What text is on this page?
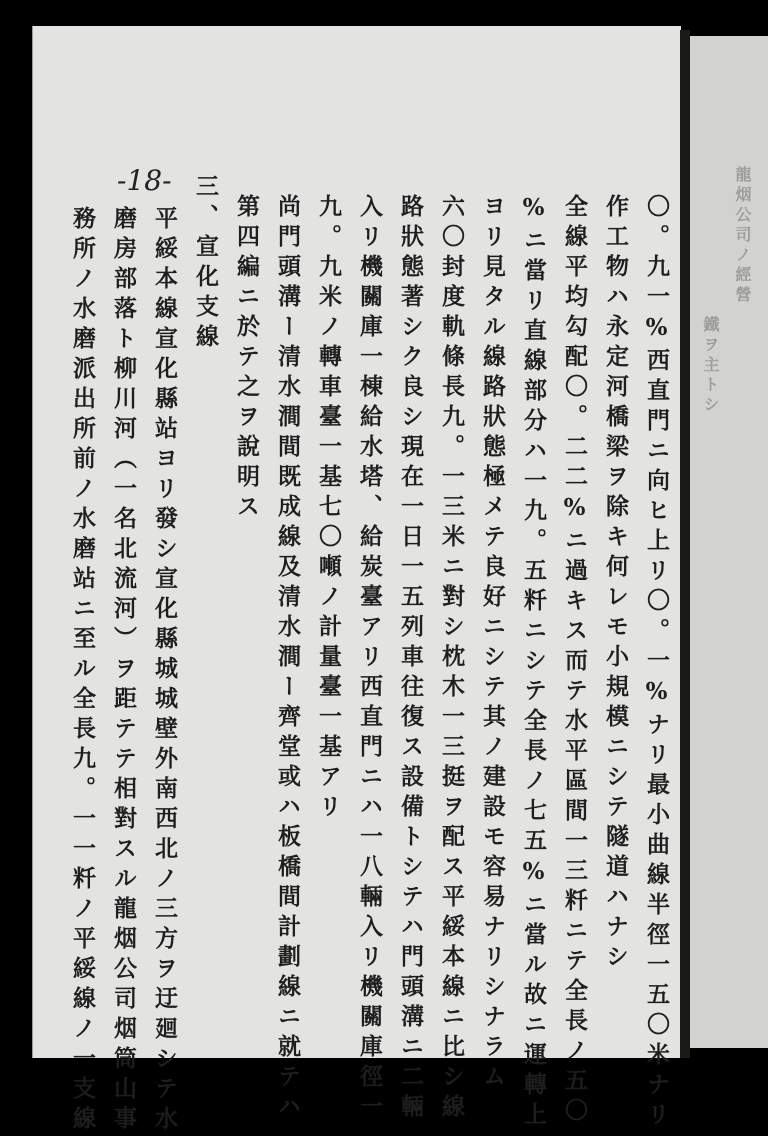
-18-
〇。九一%西直門ニ向ヒ上リ〇。一%ナリ最小曲線半徑一五〇米ナリ
作工物ハ永定河橋梁ヲ除キ何レモ小規模ニシテ隧道ハナシ
全線平均勾配〇。二二%ニ過キス而テ水平區間一三粁ニテ全長ノ五〇
%ニ當リ直線部分ハ一九。五粁ニシテ全長ノ七五%ニ當ル故ニ運轉上
ヨリ見タル線路狀態極メテ良好ニシテ其ノ建設モ容易ナリシナラム
六〇封度軌條長九。一三米ニ對シ枕木一三挺ヲ配ス平綏本線ニ比シ線
路狀態著シク良シ現在一日一五列車往復ス設備トシテハ門頭溝ニ二輛
入リ機關庫一棟給水塔、給炭臺アリ西直門ニハ一八輛入リ機關庫徑一
九。九米ノ轉車臺一基七〇噸ノ計量臺一基アリ
尚門頭溝ー清水澗間既成線及清水澗ー齊堂或ハ板橋間計劃線ニ就テハ
第四編ニ於テ之ヲ說明ス
三、宣化支線
平綏本線宣化縣站ヨリ發シ宣化縣城城壁外南西北ノ三方ヲ迂廻シテ水
磨房部落ト柳川河（一名北流河）ヲ距テテ相對スル龍烟公司烟筒山事
務所ノ水磨派出所前ノ水磨站ニ至ル全長九。一一粁ノ平綏線ノ一支線	龍烟公司ノ經營
鐵ヲ主トシ
